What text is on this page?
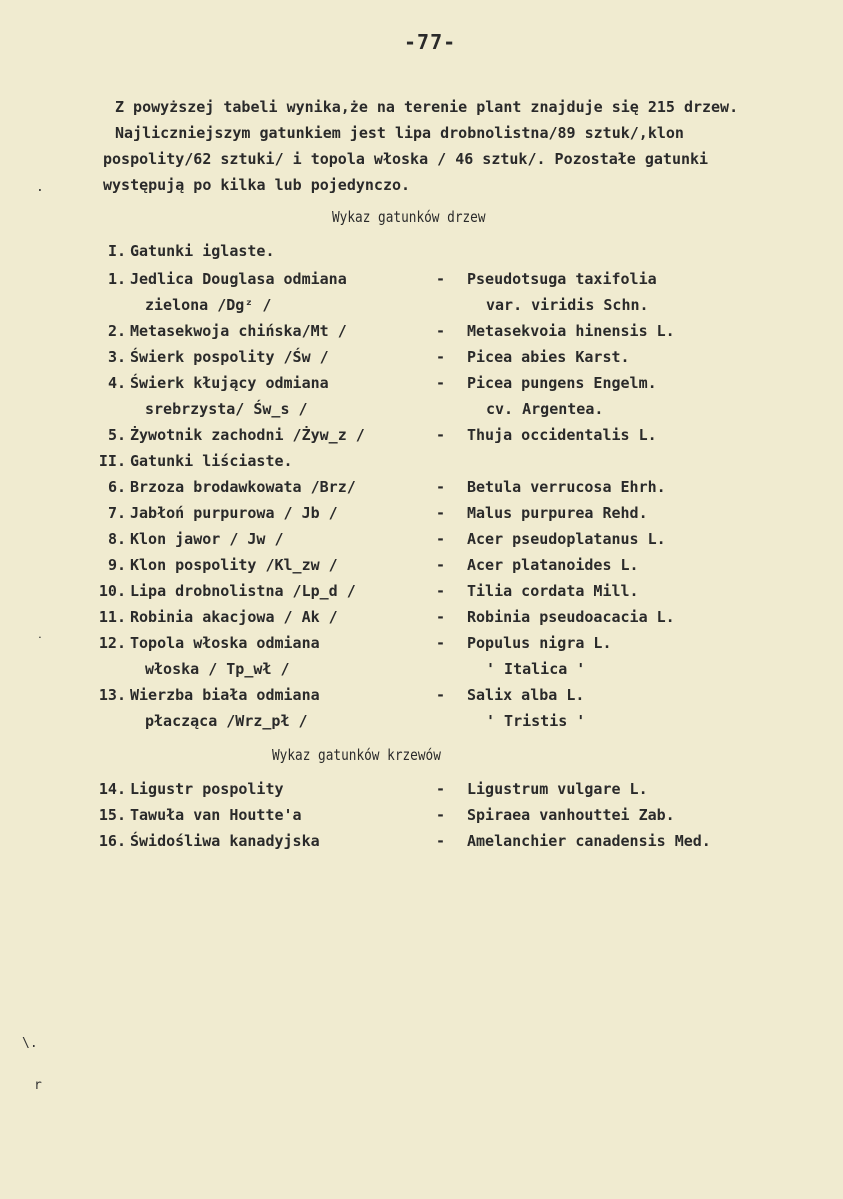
-77-
Z powyższej tabeli wynika,że na terenie plant znajduje się 215 drzew.
Najliczniejszym gatunkiem jest lipa drobnolistna/89 sztuk/,klon
pospolity/62 sztuki/ i topola włoska / 46 sztuk/. Pozostałe gatunki
występują po kilka lub pojedynczo.
Wykaz gatunków drzew
I. Gatunki iglaste.
1. Jedlica Douglasa odmiana	- Pseudotsuga taxifolia
zielona /Dgᶻ /	var. viridis Schn.
2. Metasekwoja chińska/Mt /	- Metasekvoia hinensis L.
3. Świerk pospolity /Św /	- Picea abies Karst.
4. Świerk kłujący odmiana	- Picea pungens Engelm.
srebrzysta/ Św_s /	cv. Argentea.
5. Żywotnik zachodni /Żyw_z /	- Thuja occidentalis L.
II. Gatunki liściaste.
6. Brzoza brodawkowata /Brz/	- Betula verrucosa Ehrh.
7. Jabłoń purpurowa / Jb /	- Malus purpurea Rehd.
8. Klon jawor / Jw /	- Acer pseudoplatanus L.
9. Klon pospolity /Kl_zw /	- Acer platanoides L.
10. Lipa drobnolistna /Lp_d /	- Tilia cordata Mill.
11. Robinia akacjowa / Ak /	- Robinia pseudoacacia L.
12. Topola włoska odmiana	- Populus nigra L.
włoska / Tp_wł /	' Italica '
13. Wierzba biała odmiana	- Salix alba L.
płacząca /Wrz_pł /	' Tristis '
Wykaz gatunków krzewów
14. Ligustr pospolity	- Ligustrum vulgare L.
15. Tawuła van Houtte'a	- Spiraea vanhouttei Zab.
16. Świdośliwa kanadyjska	- Amelanchier canadensis Med.
.
˙
\.
r
